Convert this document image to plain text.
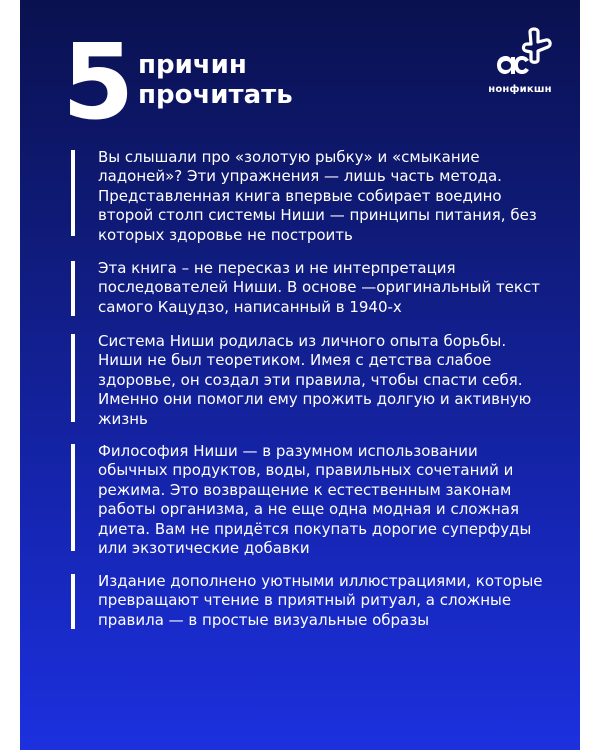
5 причин
прочитать	нонфикшн

Вы слышали про «золотую рыбку» и «смыкание ладоней»? Эти упражнения — лишь часть метода. Представленная книга впервые собирает воедино второй столп системы Ниши — принципы питания, без которых здоровье не построить

Эта книга – не пересказ и не интерпретация последователей Ниши. В основе —оригинальный текст самого Кацудзо, написанный в 1940-х

Система Ниши родилась из личного опыта борьбы. Ниши не был теоретиком. Имея с детства слабое здоровье, он создал эти правила, чтобы спасти себя. Именно они помогли ему прожить долгую и активную жизнь

Философия Ниши — в разумном использовании обычных продуктов, воды, правильных сочетаний и режима. Это возвращение к естественным законам работы организма, а не еще одна модная и сложная диета. Вам не придётся покупать дорогие суперфуды или экзотические добавки

Издание дополнено уютными иллюстрациями, которые превращают чтение в приятный ритуал, а сложные правила — в простые визуальные образы
